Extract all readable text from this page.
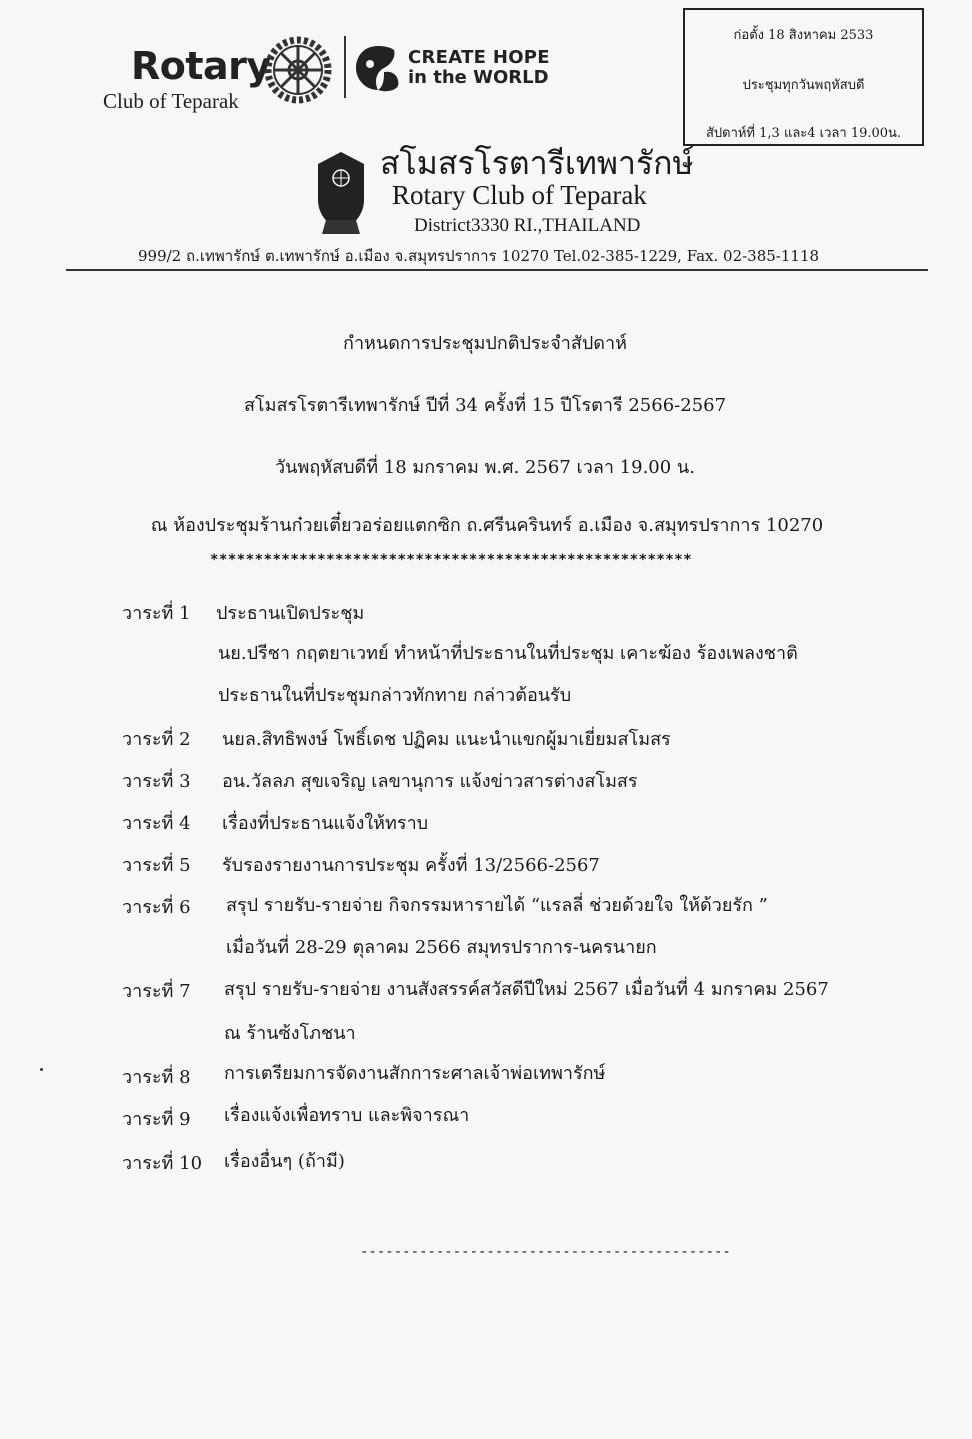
Rotary
Club of Teparak
CREATE HOPE
in the WORLD
ก่อตั้ง 18 สิงหาคม 2533
ประชุมทุกวันพฤหัสบดี
สัปดาห์ที่ 1,3 และ4 เวลา 19.00น.
สโมสรโรตารีเทพารักษ์
Rotary Club of Teparak
District3330 RI.,THAILAND
999/2 ถ.เทพารักษ์ ต.เทพารักษ์ อ.เมือง จ.สมุทรปราการ 10270 Tel.02-385-1229, Fax. 02-385-1118
กำหนดการประชุมปกติประจำสัปดาห์
สโมสรโรตารีเทพารักษ์ ปีที่ 34 ครั้งที่ 15 ปีโรตารี 2566-2567
วันพฤหัสบดีที่ 18 มกราคม พ.ศ. 2567 เวลา 19.00 น.
ณ ห้องประชุมร้านก๋วยเตี๋ยวอร่อยแตกซิก ถ.ศรีนครินทร์ อ.เมือง จ.สมุทรปราการ 10270
******************************************************
วาระที่ 1 ประธานเปิดประชุม
นย.ปรีชา กฤตยาเวทย์ ทำหน้าที่ประธานในที่ประชุม เคาะฆ้อง ร้องเพลงชาติ
ประธานในที่ประชุมกล่าวทักทาย กล่าวต้อนรับ
วาระที่ 2 นยล.สิทธิพงษ์ โพธิ์เดช ปฏิคม แนะนำแขกผู้มาเยี่ยมสโมสร
วาระที่ 3 อน.วัลลภ สุขเจริญ เลขานุการ แจ้งข่าวสารต่างสโมสร
วาระที่ 4 เรื่องที่ประธานแจ้งให้ทราบ
วาระที่ 5 รับรองรายงานการประชุม ครั้งที่ 13/2566-2567
วาระที่ 6 สรุป รายรับ-รายจ่าย กิจกรรมหารายได้ “แรลลี่ ช่วยด้วยใจ ให้ด้วยรัก ”
เมื่อวันที่ 28-29 ตุลาคม 2566 สมุทรปราการ-นครนายก
วาระที่ 7 สรุป รายรับ-รายจ่าย งานสังสรรค์สวัสดีปีใหม่ 2567 เมื่อวันที่ 4 มกราคม 2567
ณ ร้านซ้งโภชนา
วาระที่ 8 การเตรียมการจัดงานสักการะศาลเจ้าพ่อเทพารักษ์
วาระที่ 9 เรื่องแจ้งเพื่อทราบ และพิจารณา
วาระที่ 10 เรื่องอื่นๆ (ถ้ามี)
--------------------------------------------
